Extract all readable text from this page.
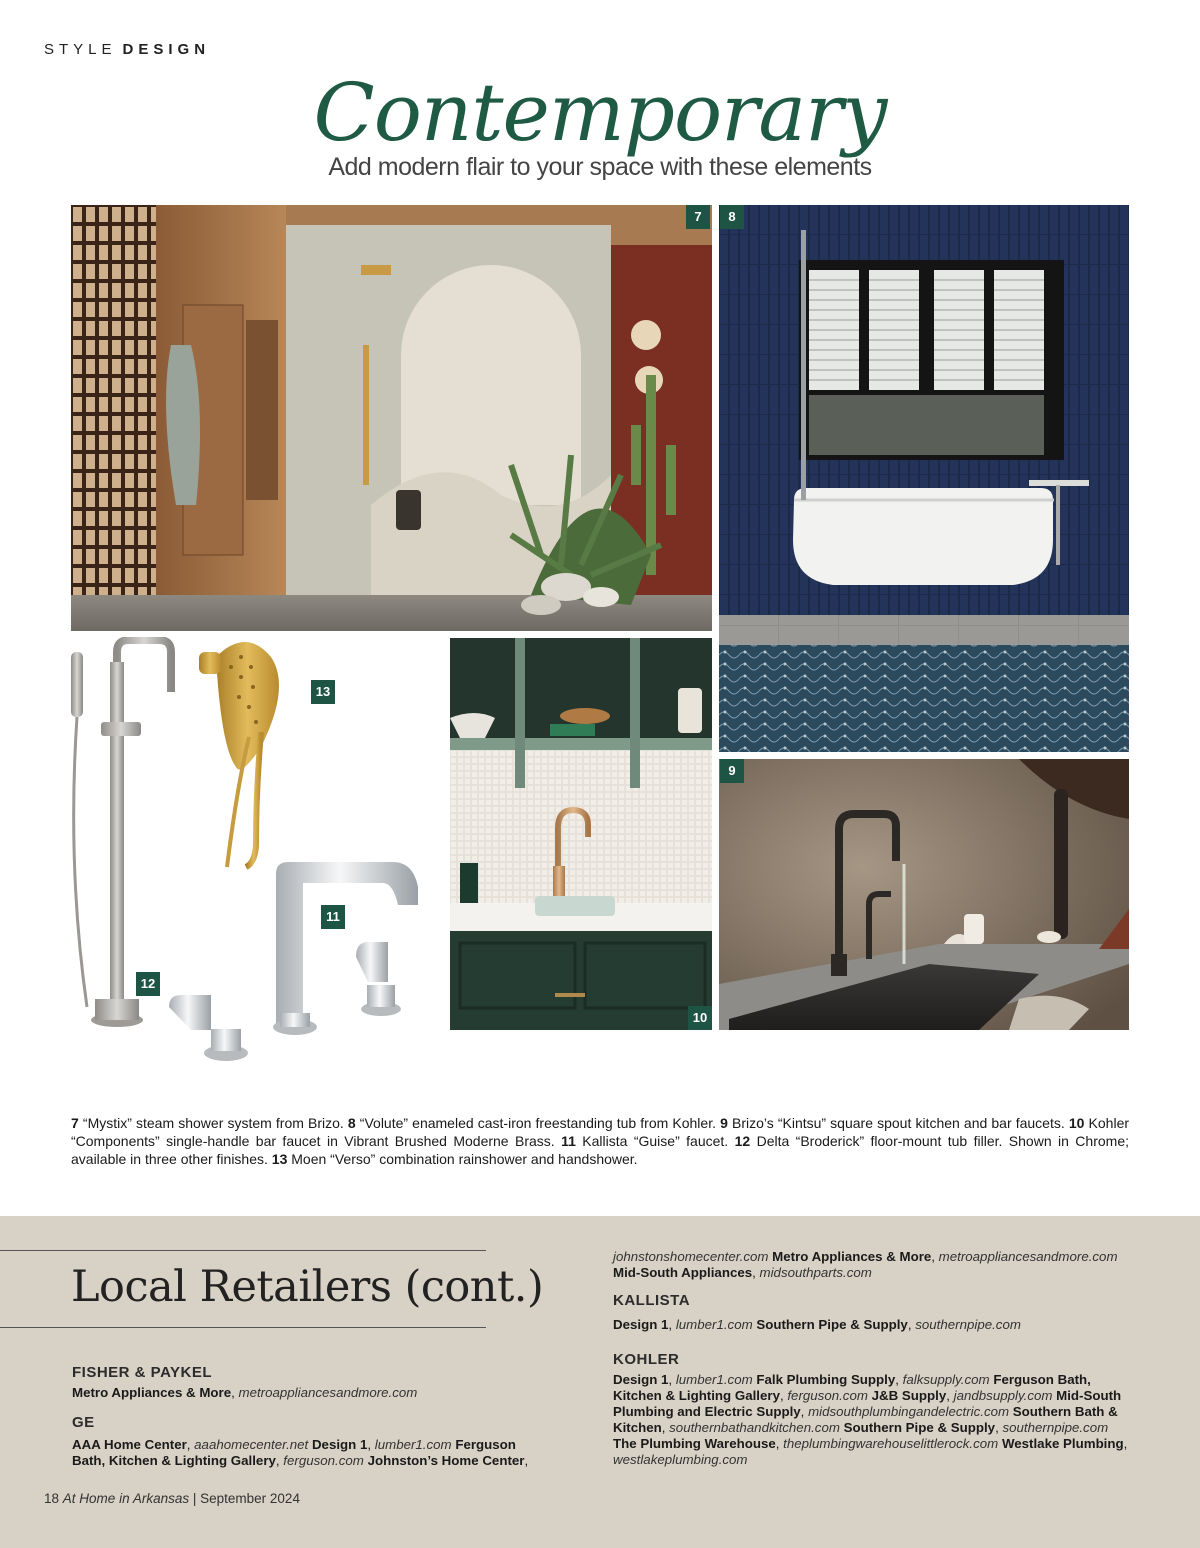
STYLE DESIGN
Contemporary
Add modern flair to your space with these elements
7	8
13
11
12
10
9
7 “Mystix” steam shower system from Brizo. 8 “Volute” enameled cast-iron freestanding tub from Kohler. 9 Brizo’s “Kintsu” square spout kitchen and bar faucets. 10 Kohler “Components” single-handle bar faucet in Vibrant Brushed Moderne Brass. 11 Kallista “Guise” faucet. 12 Delta “Broderick” floor-mount tub filler. Shown in Chrome; available in three other finishes. 13 Moen “Verso” combination rainshower and handshower.
Local Retailers (cont.)
FISHER & PAYKEL
Metro Appliances & More, metroappliancesandmore.com
GE
AAA Home Center, aaahomecenter.net Design 1, lumber1.com Ferguson Bath, Kitchen & Lighting Gallery, ferguson.com Johnston’s Home Center,
johnstonshomecenter.com Metro Appliances & More, metroappliancesandmore.com
Mid-South Appliances, midsouthparts.com
KALLISTA
Design 1, lumber1.com Southern Pipe & Supply, southernpipe.com
KOHLER
Design 1, lumber1.com Falk Plumbing Supply, falksupply.com Ferguson Bath, Kitchen & Lighting Gallery, ferguson.com J&B Supply, jandbsupply.com Mid-South Plumbing and Electric Supply, midsouthplumbingandelectric.com Southern Bath & Kitchen, southernbathandkitchen.com Southern Pipe & Supply, southernpipe.com The Plumbing Warehouse, theplumbingwarehouselittlerock.com Westlake Plumbing, westlakeplumbing.com
18 At Home in Arkansas | September 2024
